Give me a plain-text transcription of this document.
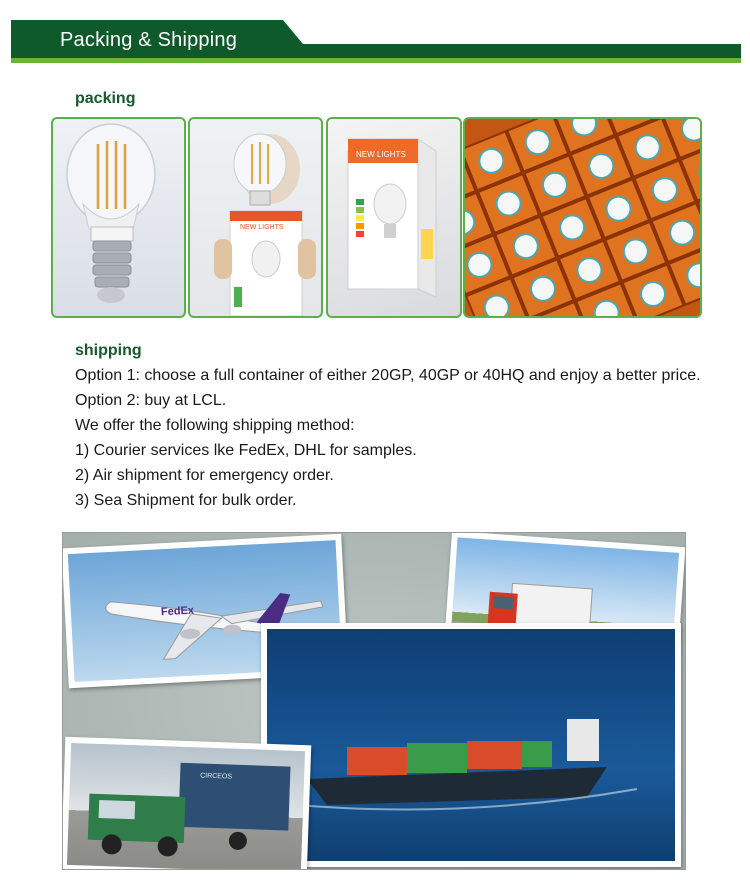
Packing & Shipping
packing
NEW LIGHTS
NEW LIGHTS
shipping
Option 1: choose a full container of either 20GP, 40GP or 40HQ and enjoy a better price.
Option 2: buy at LCL.
We offer the following shipping method:
1) Courier services lke FedEx, DHL for samples.
2) Air shipment for emergency order.
3) Sea Shipment for bulk order.
FedEx
CIRCEOS
